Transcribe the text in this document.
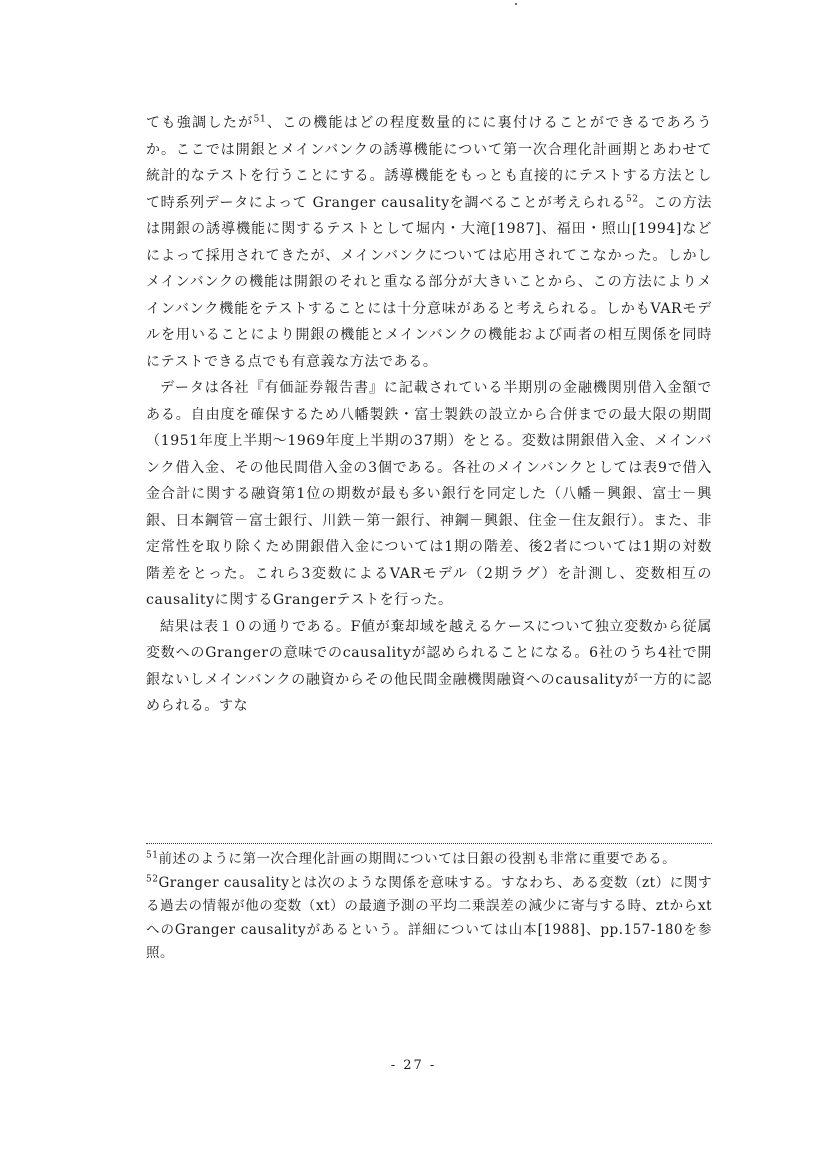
ても強調したが$^{51}$、この機能はどの程度数量的にに裏付けることができるであろうか。ここでは開銀とメインバンクの誘導機能について第一次合理化計画期とあわせて統計的なテストを行うことにする。誘導機能をもっとも直接的にテストする方法として時系列データによって Granger causalityを調べることが考えられる$^{52}$。この方法は開銀の誘導機能に関するテストとして堀内・大滝[1987]、福田・照山[1994]などによって採用されてきたが、メインバンクについては応用されてこなかった。しかしメインバンクの機能は開銀のそれと重なる部分が大きいことから、この方法によりメインバンク機能をテストすることには十分意味があると考えられる。しかもVARモデルを用いることにより開銀の機能とメインバンクの機能および両者の相互関係を同時にテストできる点でも有意義な方法である。

データは各社『有価証券報告書』に記載されている半期別の金融機関別借入金額である。自由度を確保するため八幡製鉄・富士製鉄の設立から合併までの最大限の期間（1951年度上半期～1969年度上半期の37期）をとる。変数は開銀借入金、メインバンク借入金、その他民間借入金の3個である。各社のメインバンクとしては表9で借入金合計に関する融資第1位の期数が最も多い銀行を同定した（八幡－興銀、富士－興銀、日本鋼管－富士銀行、川鉄－第一銀行、神鋼－興銀、住金－住友銀行）。また、非定常性を取り除くため開銀借入金については1期の階差、後2者については1期の対数階差をとった。これら3変数によるVARモデル（2期ラグ）を計測し、変数相互のcausalityに関するGrangerテストを行った。

結果は表１０の通りである。F値が棄却域を越えるケースについて独立変数から従属変数へのGrangerの意味でのcausalityが認められることになる。6社のうち4社で開銀ないしメインバンクの融資からその他民間金融機関融資へのcausalityが一方的に認められる。すな

$^{51}$前述のように第一次合理化計画の期間については日銀の役割も非常に重要である。

$^{52}$Granger causalityとは次のような関係を意味する。すなわち、ある変数（zt）に関する過去の情報が他の変数（xt）の最適予測の平均二乗誤差の減少に寄与する時、ztからxtへのGranger causalityがあるという。詳細については山本[1988]、pp.157-180を参照。

- 27 -
